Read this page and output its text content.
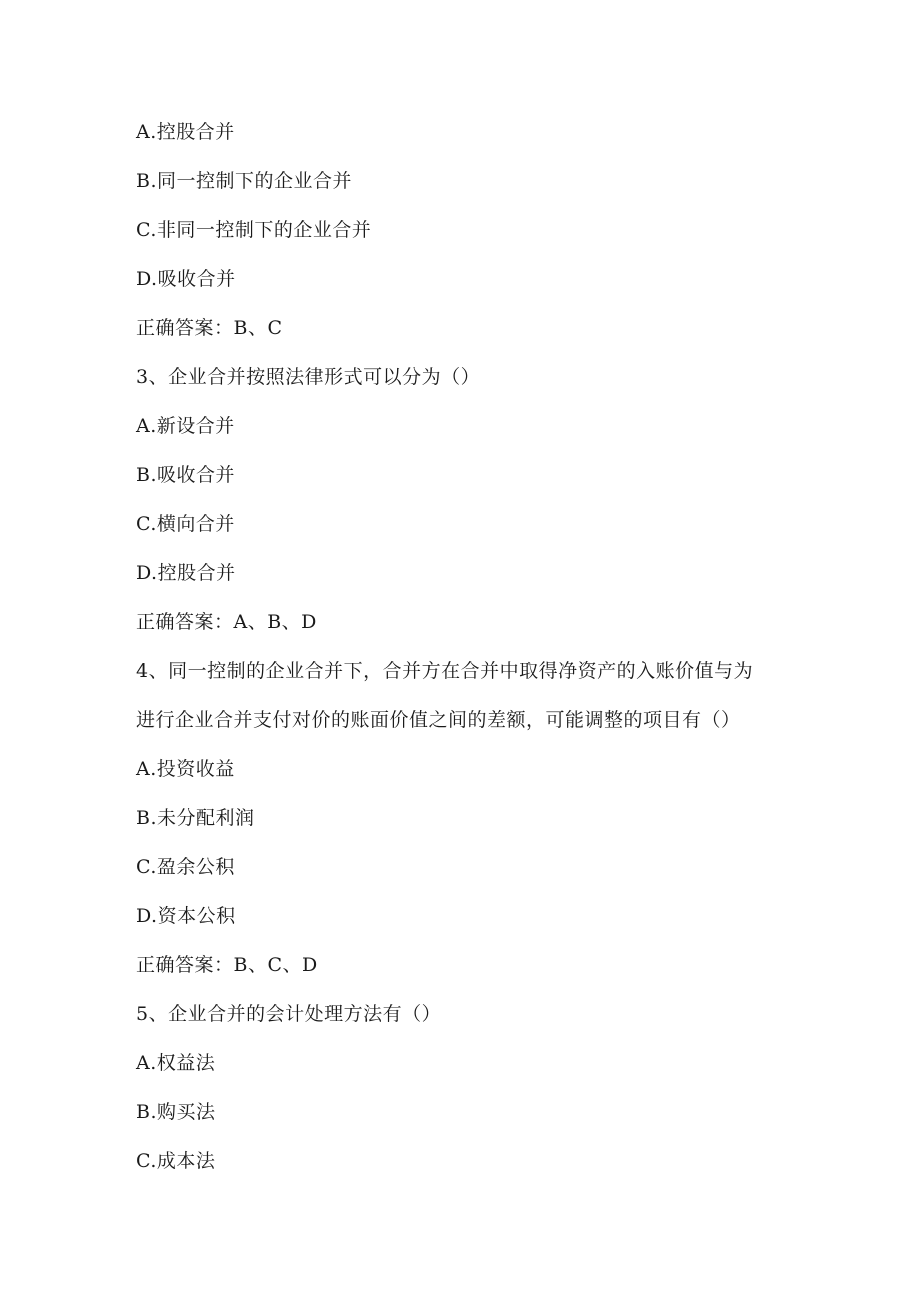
A.控股合并
B.同一控制下的企业合并
C.非同一控制下的企业合并
D.吸收合并
正确答案：B、C
3、企业合并按照法律形式可以分为（）
A.新设合并
B.吸收合并
C.横向合并
D.控股合并
正确答案：A、B、D
4、同一控制的企业合并下，合并方在合并中取得净资产的入账价值与为
进行企业合并支付对价的账面价值之间的差额，可能调整的项目有（）
A.投资收益
B.未分配利润
C.盈余公积
D.资本公积
正确答案：B、C、D
5、企业合并的会计处理方法有（）
A.权益法
B.购买法
C.成本法
